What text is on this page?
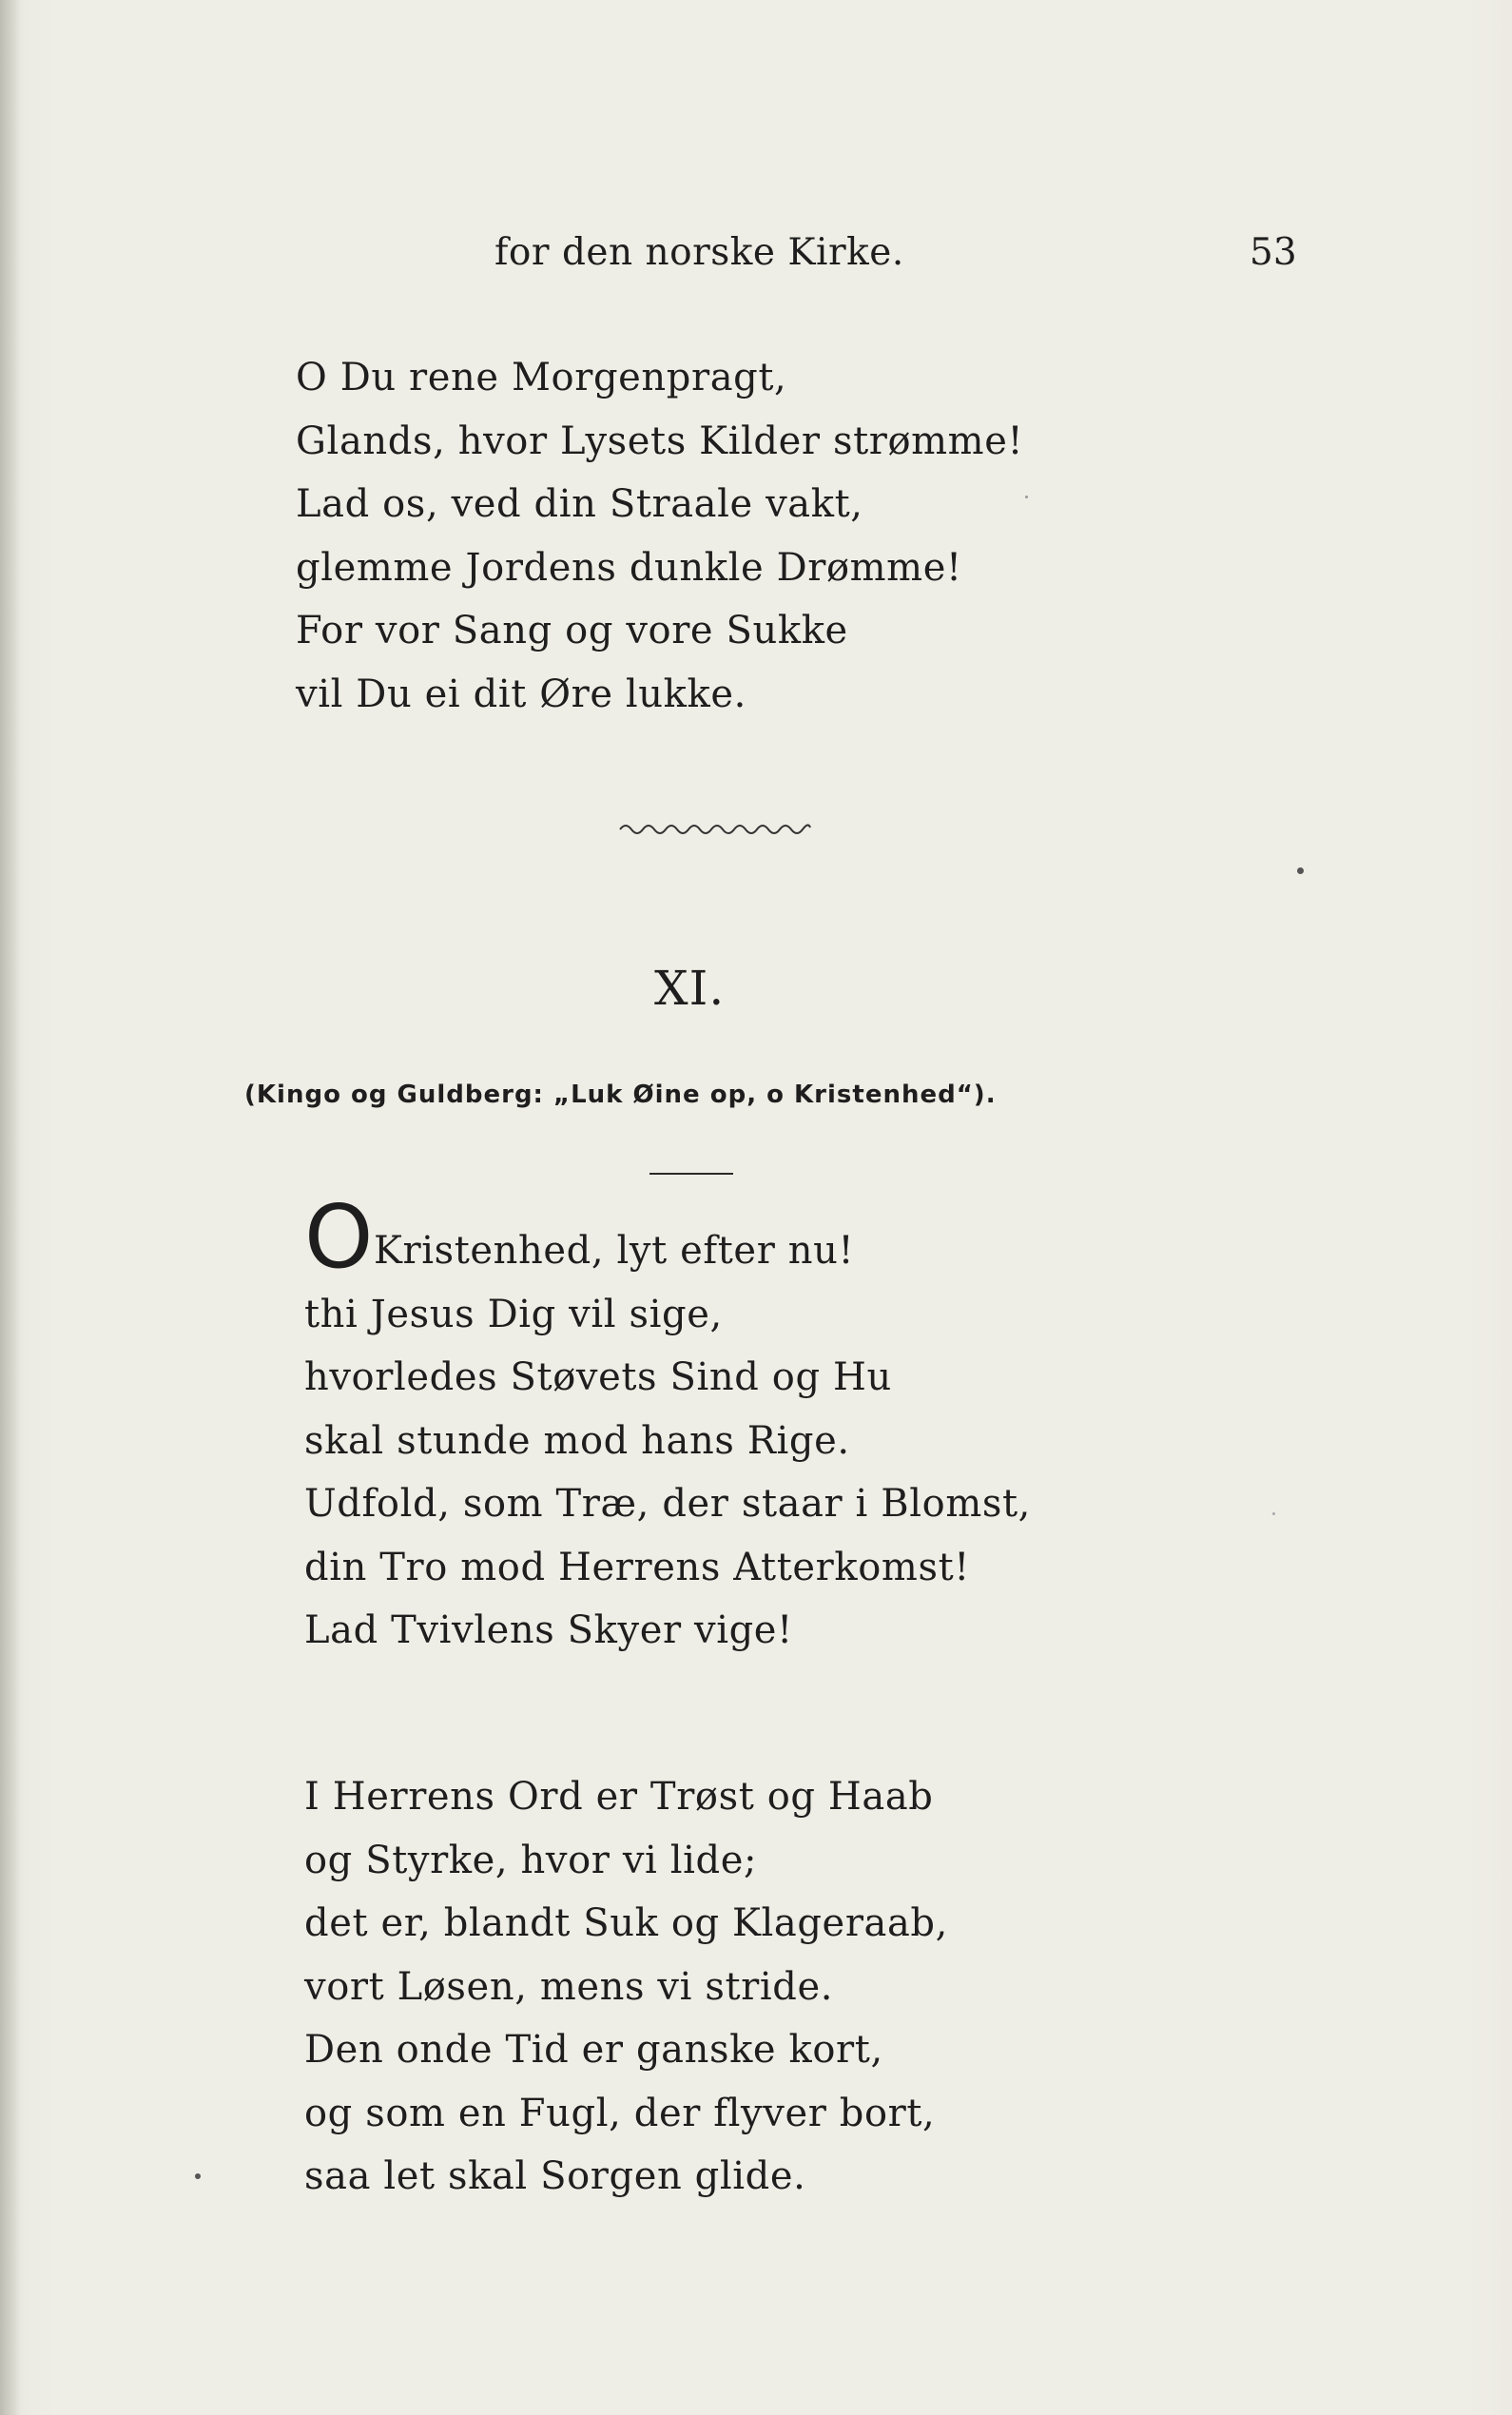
for den norske Kirke.	53
O Du rene Morgenpragt,
Glands, hvor Lysets Kilder strømme!
Lad os, ved din Straale vakt,
glemme Jordens dunkle Drømme!
For vor Sang og vore Sukke
vil Du ei dit Øre lukke.
XI.
(Kingo og Guldberg: „Luk Øine op, o Kristenhed“).
O Kristenhed, lyt efter nu!
thi Jesus Dig vil sige,
hvorledes Støvets Sind og Hu
skal stunde mod hans Rige.
Udfold, som Træ, der staar i Blomst,
din Tro mod Herrens Atterkomst!
Lad Tvivlens Skyer vige!
I Herrens Ord er Trøst og Haab
og Styrke, hvor vi lide;
det er, blandt Suk og Klageraab,
vort Løsen, mens vi stride.
Den onde Tid er ganske kort,
og som en Fugl, der flyver bort,
saa let skal Sorgen glide.
